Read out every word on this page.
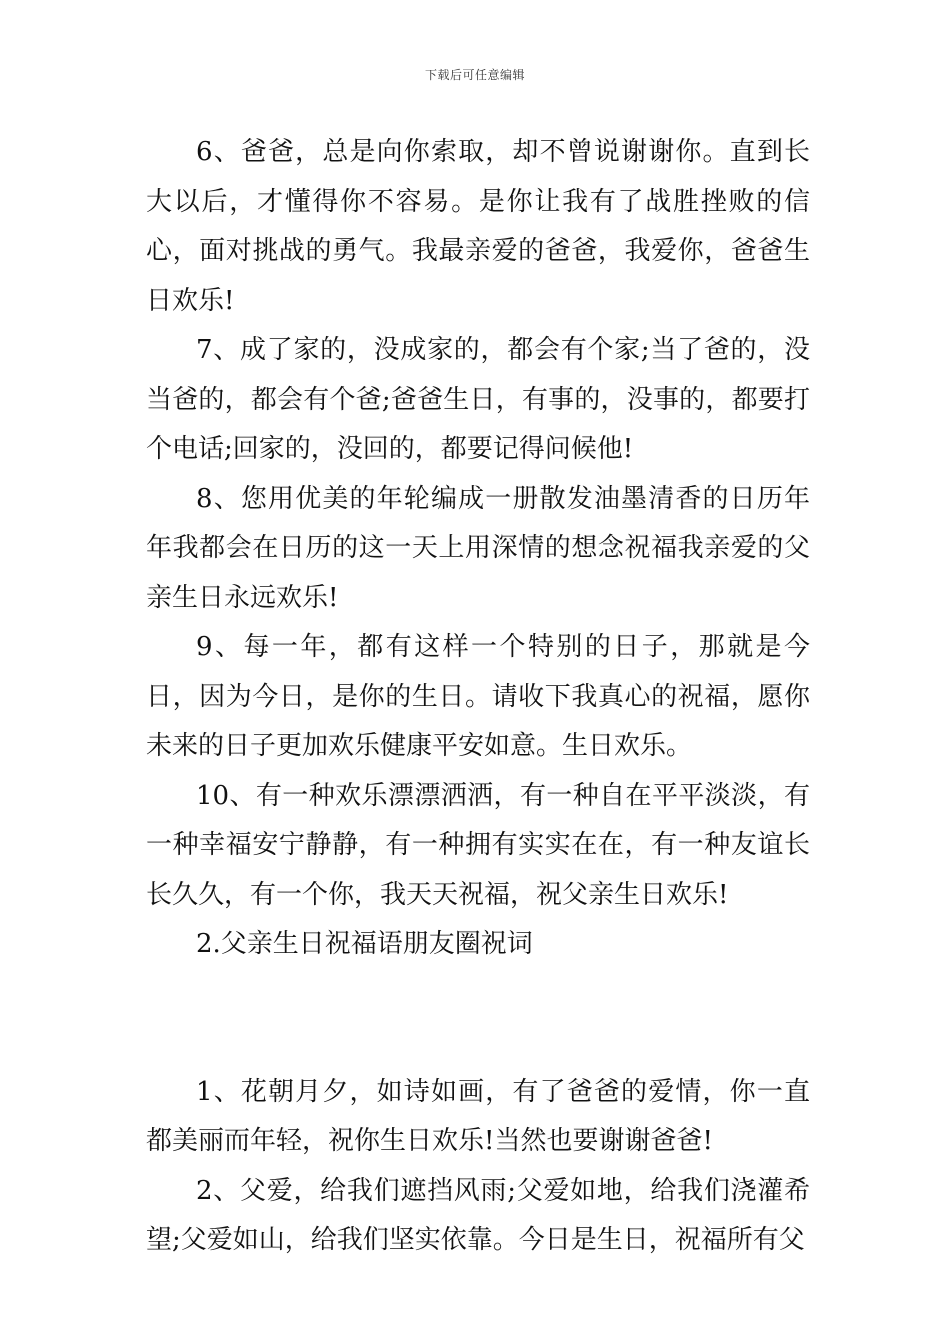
下载后可任意编辑

6、爸爸，总是向你索取，却不曾说谢谢你。直到长大以后，才懂得你不容易。是你让我有了战胜挫败的信心，面对挑战的勇气。我最亲爱的爸爸，我爱你，爸爸生日欢乐!

7、成了家的，没成家的，都会有个家;当了爸的，没当爸的，都会有个爸;爸爸生日，有事的，没事的，都要打个电话;回家的，没回的，都要记得问候他!

8、您用优美的年轮编成一册散发油墨清香的日历年年我都会在日历的这一天上用深情的想念祝福我亲爱的父亲生日永远欢乐!

9、每一年，都有这样一个特别的日子，那就是今日，因为今日，是你的生日。请收下我真心的祝福，愿你未来的日子更加欢乐健康平安如意。生日欢乐。

10、有一种欢乐漂漂洒洒，有一种自在平平淡淡，有一种幸福安宁静静，有一种拥有实实在在，有一种友谊长长久久，有一个你，我天天祝福，祝父亲生日欢乐!

2.父亲生日祝福语朋友圈祝词

1、花朝月夕，如诗如画，有了爸爸的爱情，你一直都美丽而年轻，祝你生日欢乐!当然也要谢谢爸爸!

2、父爱，给我们遮挡风雨;父爱如地，给我们浇灌希望;父爱如山，给我们坚实依靠。今日是生日，祝福所有父
